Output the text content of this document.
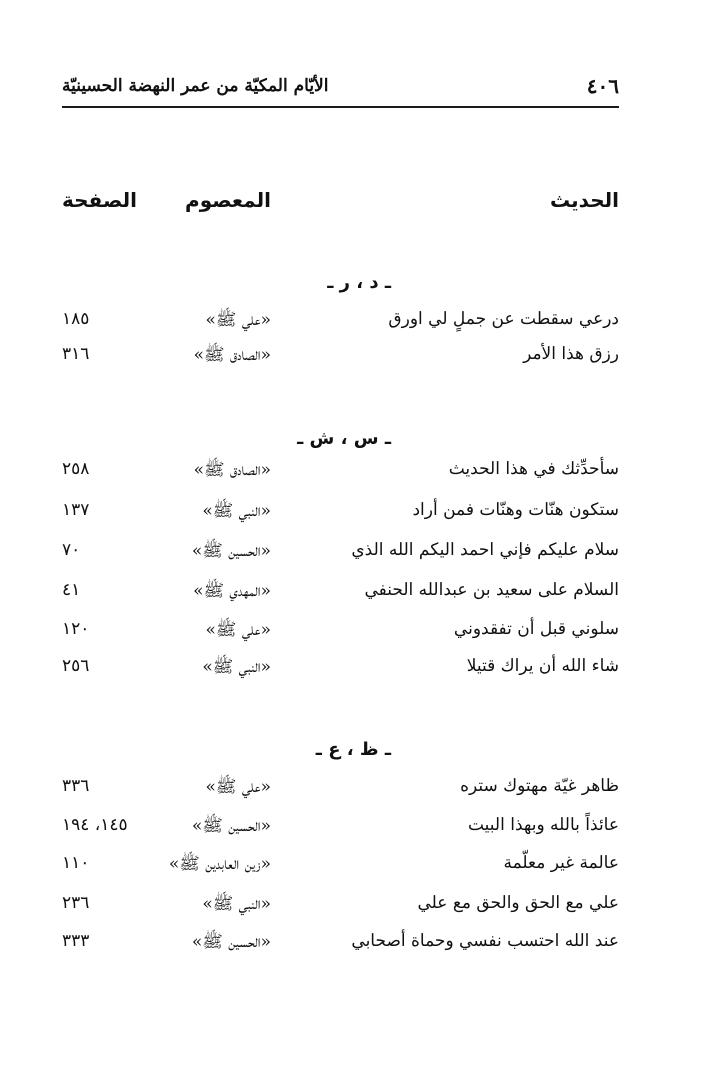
٤٠٦
الأيّام المكيّة من عمر النهضة الحسينيّة
الحديث
المعصوم
الصفحة
ـ د ، ر ـ
درعي سقطت عن جملٍ لي اورق
«علي ﷺ»
١٨٥
رزق هذا الأمر
«الصادق ﷺ»
٣١٦
ـ س ، ش ـ
سأحدِّثك في هذا الحديث
«الصادق ﷺ»
٢٥٨
ستكون هنّات وهنّات فمن أراد
«النبي ﷺ»
١٣٧
سلام عليكم فإني احمد اليكم الله الذي
«الحسين ﷺ»
٧٠
السلام على سعيد بن عبدالله الحنفي
«المهدي ﷺ»
٤١
سلوني قبل أن تفقدوني
«علي ﷺ»
١٢٠
شاء الله أن يراك قتيلا
«النبي ﷺ»
٢٥٦
ـ ظ ، ع ـ
ظاهر غيّة مهتوك ستره
«علي ﷺ»
٣٣٦
عائذاً بالله وبهذا البيت
«الحسين ﷺ»
١٤٥، ١٩٤
عالمة غير معلّمة
«زين العابدين ﷺ»
١١٠
علي مع الحق والحق مع علي
«النبي ﷺ»
٢٣٦
عند الله احتسب نفسي وحماة أصحابي
«الحسين ﷺ»
٣٣٣
